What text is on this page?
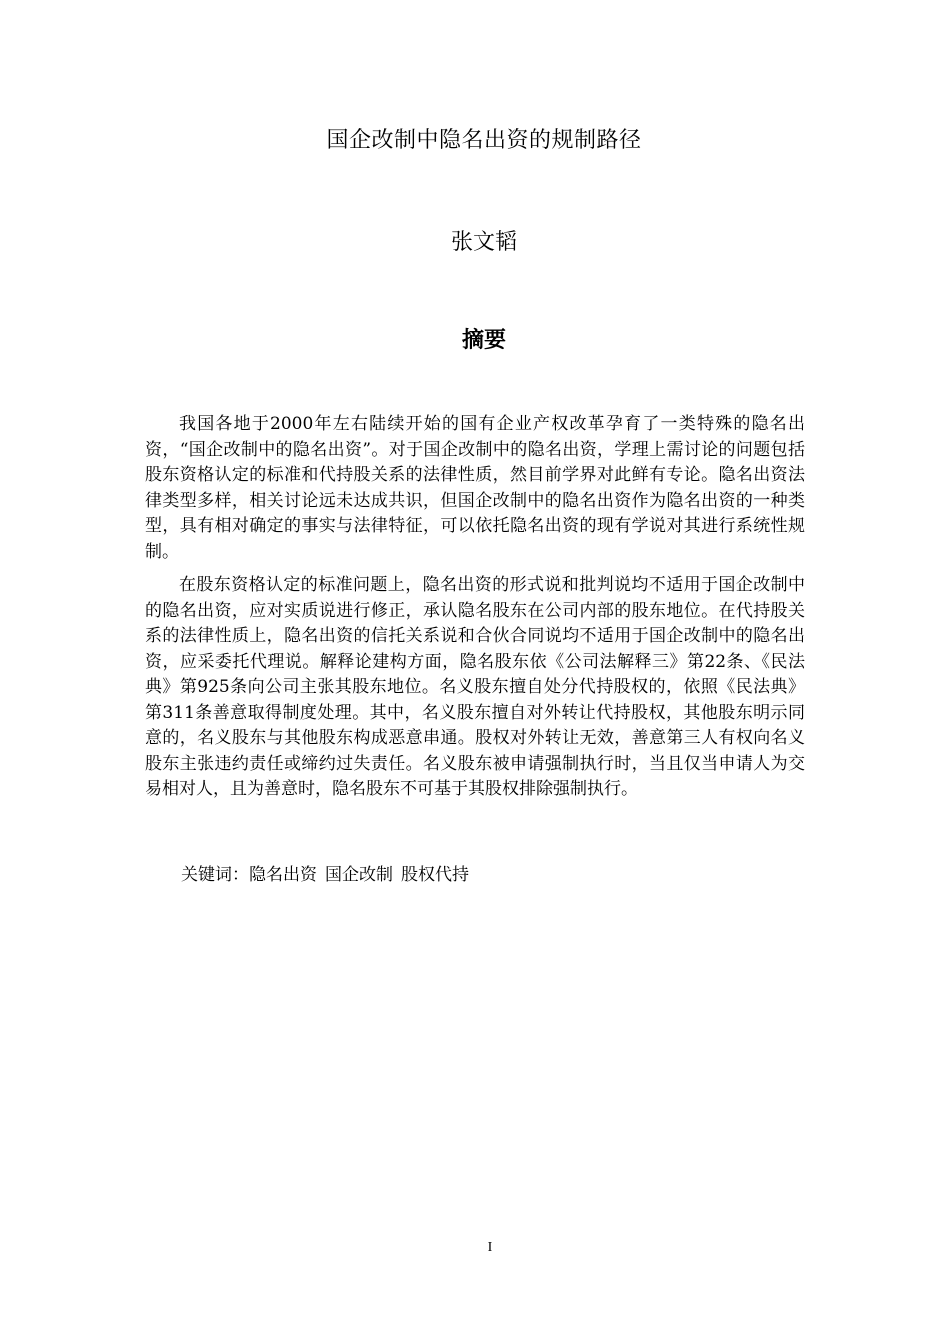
国企改制中隐名出资的规制路径
张文韬
摘要

我国各地于2000年左右陆续开始的国有企业产权改革孕育了一类特殊的隐名出资，“国企改制中的隐名出资”。对于国企改制中的隐名出资，学理上需讨论的问题包括股东资格认定的标准和代持股关系的法律性质，然目前学界对此鲜有专论。隐名出资法律类型多样，相关讨论远未达成共识，但国企改制中的隐名出资作为隐名出资的一种类型，具有相对确定的事实与法律特征，可以依托隐名出资的现有学说对其进行系统性规制。

在股东资格认定的标准问题上，隐名出资的形式说和批判说均不适用于国企改制中的隐名出资，应对实质说进行修正，承认隐名股东在公司内部的股东地位。在代持股关系的法律性质上，隐名出资的信托关系说和合伙合同说均不适用于国企改制中的隐名出资，应采委托代理说。解释论建构方面，隐名股东依《公司法解释三》第22条、《民法典》第925条向公司主张其股东地位。名义股东擅自处分代持股权的，依照《民法典》第311条善意取得制度处理。其中，名义股东擅自对外转让代持股权，其他股东明示同意的，名义股东与其他股东构成恶意串通。股权对外转让无效，善意第三人有权向名义股东主张违约责任或缔约过失责任。名义股东被申请强制执行时，当且仅当申请人为交易相对人，且为善意时，隐名股东不可基于其股权排除强制执行。

关键词：隐名出资 国企改制 股权代持
I
